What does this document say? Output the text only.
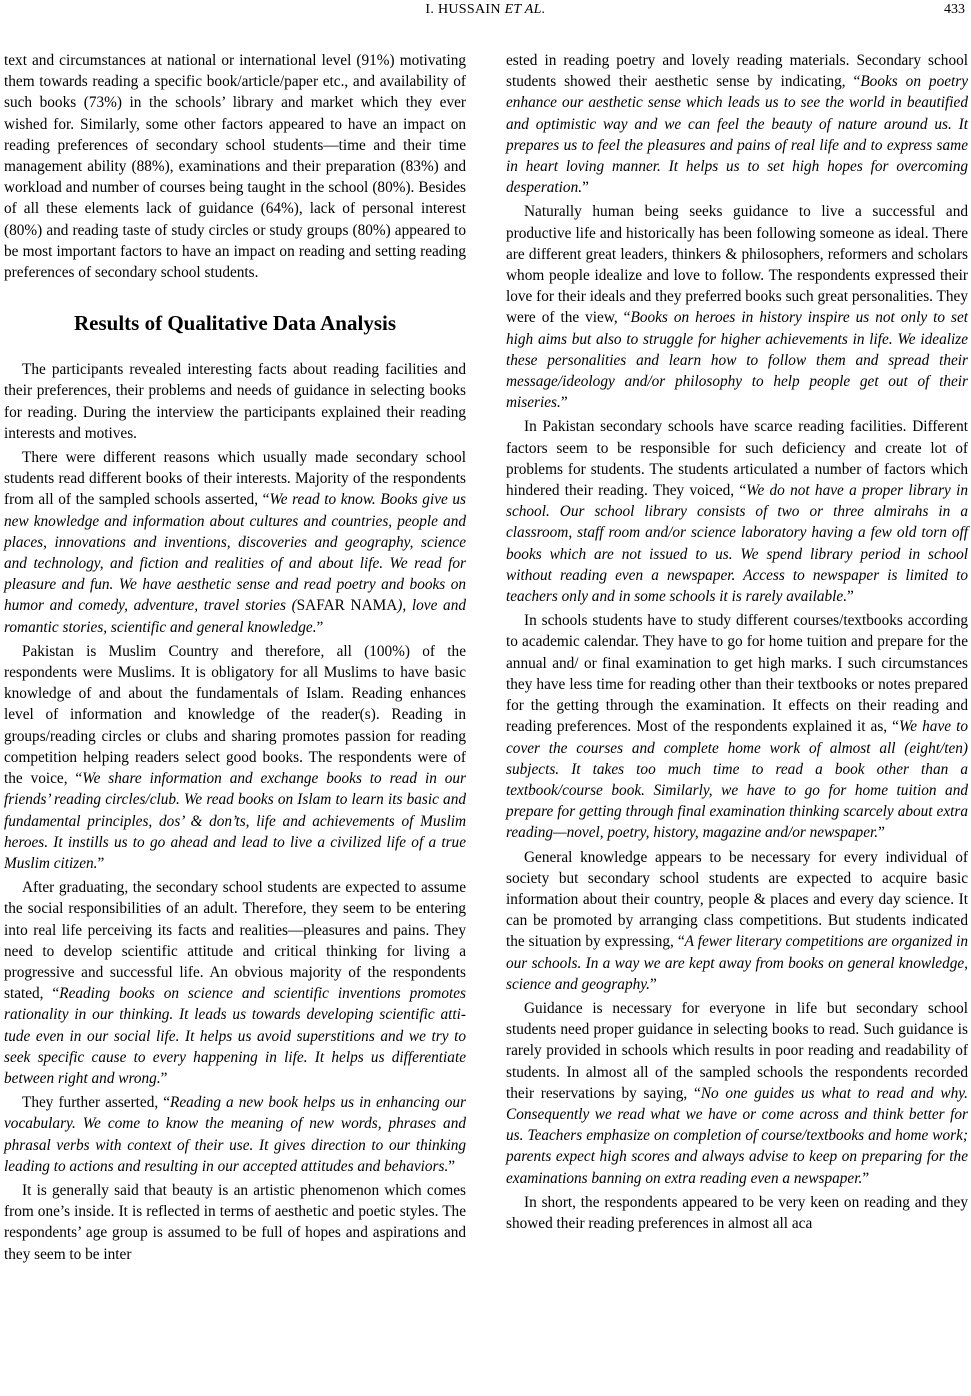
I. HUSSAIN ET AL.	433

text and circumstances at national or international level (91%) motivating them towards reading a specific book/article/paper etc., and availability of such books (73%) in the schools’ library and market which they ever wished for. Similarly, some other factors appeared to have an impact on reading preferences of secondary school students—time and their time management ability (88%), examinations and their preparation (83%) and workload and number of courses being taught in the school (80%). Besides of all these elements lack of guidance (64%), lack of personal interest (80%) and reading taste of study circles or study groups (80%) appeared to be most important factors to have an impact on reading and setting reading preferences of secondary school students.

Results of Qualitative Data Analysis

The participants revealed interesting facts about reading facilities and their preferences, their problems and needs of guidance in selecting books for reading. During the interview the participants explained their reading interests and motives.

There were different reasons which usually made secondary school students read different books of their interests. Majority of the respondents from all of the sampled schools asserted, “We read to know. Books give us new knowledge and information about cultures and countries, people and places, innovations and inventions, discoveries and geography, science and technology, and fiction and realities of and about life. We read for pleasure and fun. We have aesthetic sense and read poetry and books on humor and comedy, adventure, travel stories (SAFAR NAMA), love and romantic stories, scientific and general knowledge.”

Pakistan is Muslim Country and therefore, all (100%) of the respondents were Muslims. It is obligatory for all Muslims to have basic knowledge of and about the fundamentals of Islam. Reading enhances level of information and knowledge of the reader(s). Reading in groups/reading circles or clubs and sharing promotes passion for reading competition helping readers select good books. The respondents were of the voice, “We share information and exchange books to read in our friends’ reading circles/club. We read books on Islam to learn its basic and fundamental principles, dos’ & don’ts, life and achievements of Muslim heroes. It instills us to go ahead and lead to live a civilized life of a true Muslim citizen.”

After graduating, the secondary school students are expected to assume the social responsibilities of an adult. Therefore, they seem to be entering into real life perceiving its facts and realities—pleasures and pains. They need to develop scientific attitude and critical thinking for living a progressive and successful life. An obvious majority of the respondents stated, “Reading books on science and scientific inventions promotes rationality in our thinking. It leads us towards developing scientific attitude even in our social life. It helps us avoid superstitions and we try to seek specific cause to every happening in life. It helps us differentiate between right and wrong.”

They further asserted, “Reading a new book helps us in enhancing our vocabulary. We come to know the meaning of new words, phrases and phrasal verbs with context of their use. It gives direction to our thinking leading to actions and resulting in our accepted attitudes and behaviors.”

It is generally said that beauty is an artistic phenomenon which comes from one’s inside. It is reflected in terms of aesthetic and poetic styles. The respondents’ age group is assumed to be full of hopes and aspirations and they seem to be inter

ested in reading poetry and lovely reading materials. Secondary school students showed their aesthetic sense by indicating, “Books on poetry enhance our aesthetic sense which leads us to see the world in beautified and optimistic way and we can feel the beauty of nature around us. It prepares us to feel the pleasures and pains of real life and to express same in heart loving manner. It helps us to set high hopes for overcoming desperation.”

Naturally human being seeks guidance to live a successful and productive life and historically has been following someone as ideal. There are different great leaders, thinkers & philosophers, reformers and scholars whom people idealize and love to follow. The respondents expressed their love for their ideals and they preferred books such great personalities. They were of the view, “Books on heroes in history inspire us not only to set high aims but also to struggle for higher achievements in life. We idealize these personalities and learn how to follow them and spread their message/ideology and/or philosophy to help people get out of their miseries.”

In Pakistan secondary schools have scarce reading facilities. Different factors seem to be responsible for such deficiency and create lot of problems for students. The students articulated a number of factors which hindered their reading. They voiced, “We do not have a proper library in school. Our school library consists of two or three almirahs in a classroom, staff room and/or science laboratory having a few old torn off books which are not issued to us. We spend library period in school without reading even a newspaper. Access to newspaper is limited to teachers only and in some schools it is rarely available.”

In schools students have to study different courses/textbooks according to academic calendar. They have to go for home tuition and prepare for the annual and/ or final examination to get high marks. I such circumstances they have less time for reading other than their textbooks or notes prepared for the getting through the examination. It effects on their reading and reading preferences. Most of the respondents explained it as, “We have to cover the courses and complete home work of almost all (eight/ten) subjects. It takes too much time to read a book other than a textbook/course book. Similarly, we have to go for home tuition and prepare for getting through final examination thinking scarcely about extra reading—novel, poetry, history, magazine and/or newspaper.”

General knowledge appears to be necessary for every individual of society but secondary school students are expected to acquire basic information about their country, people & places and every day science. It can be promoted by arranging class competitions. But students indicated the situation by expressing, “A fewer literary competitions are organized in our schools. In a way we are kept away from books on general knowledge, science and geography.”

Guidance is necessary for everyone in life but secondary school students need proper guidance in selecting books to read. Such guidance is rarely provided in schools which results in poor reading and readability of students. In almost all of the sampled schools the respondents recorded their reservations by saying, “No one guides us what to read and why. Consequently we read what we have or come across and think better for us. Teachers emphasize on completion of course/textbooks and home work; parents expect high scores and always advise to keep on preparing for the examinations banning on extra reading even a newspaper.”

In short, the respondents appeared to be very keen on reading and they showed their reading preferences in almost all aca
